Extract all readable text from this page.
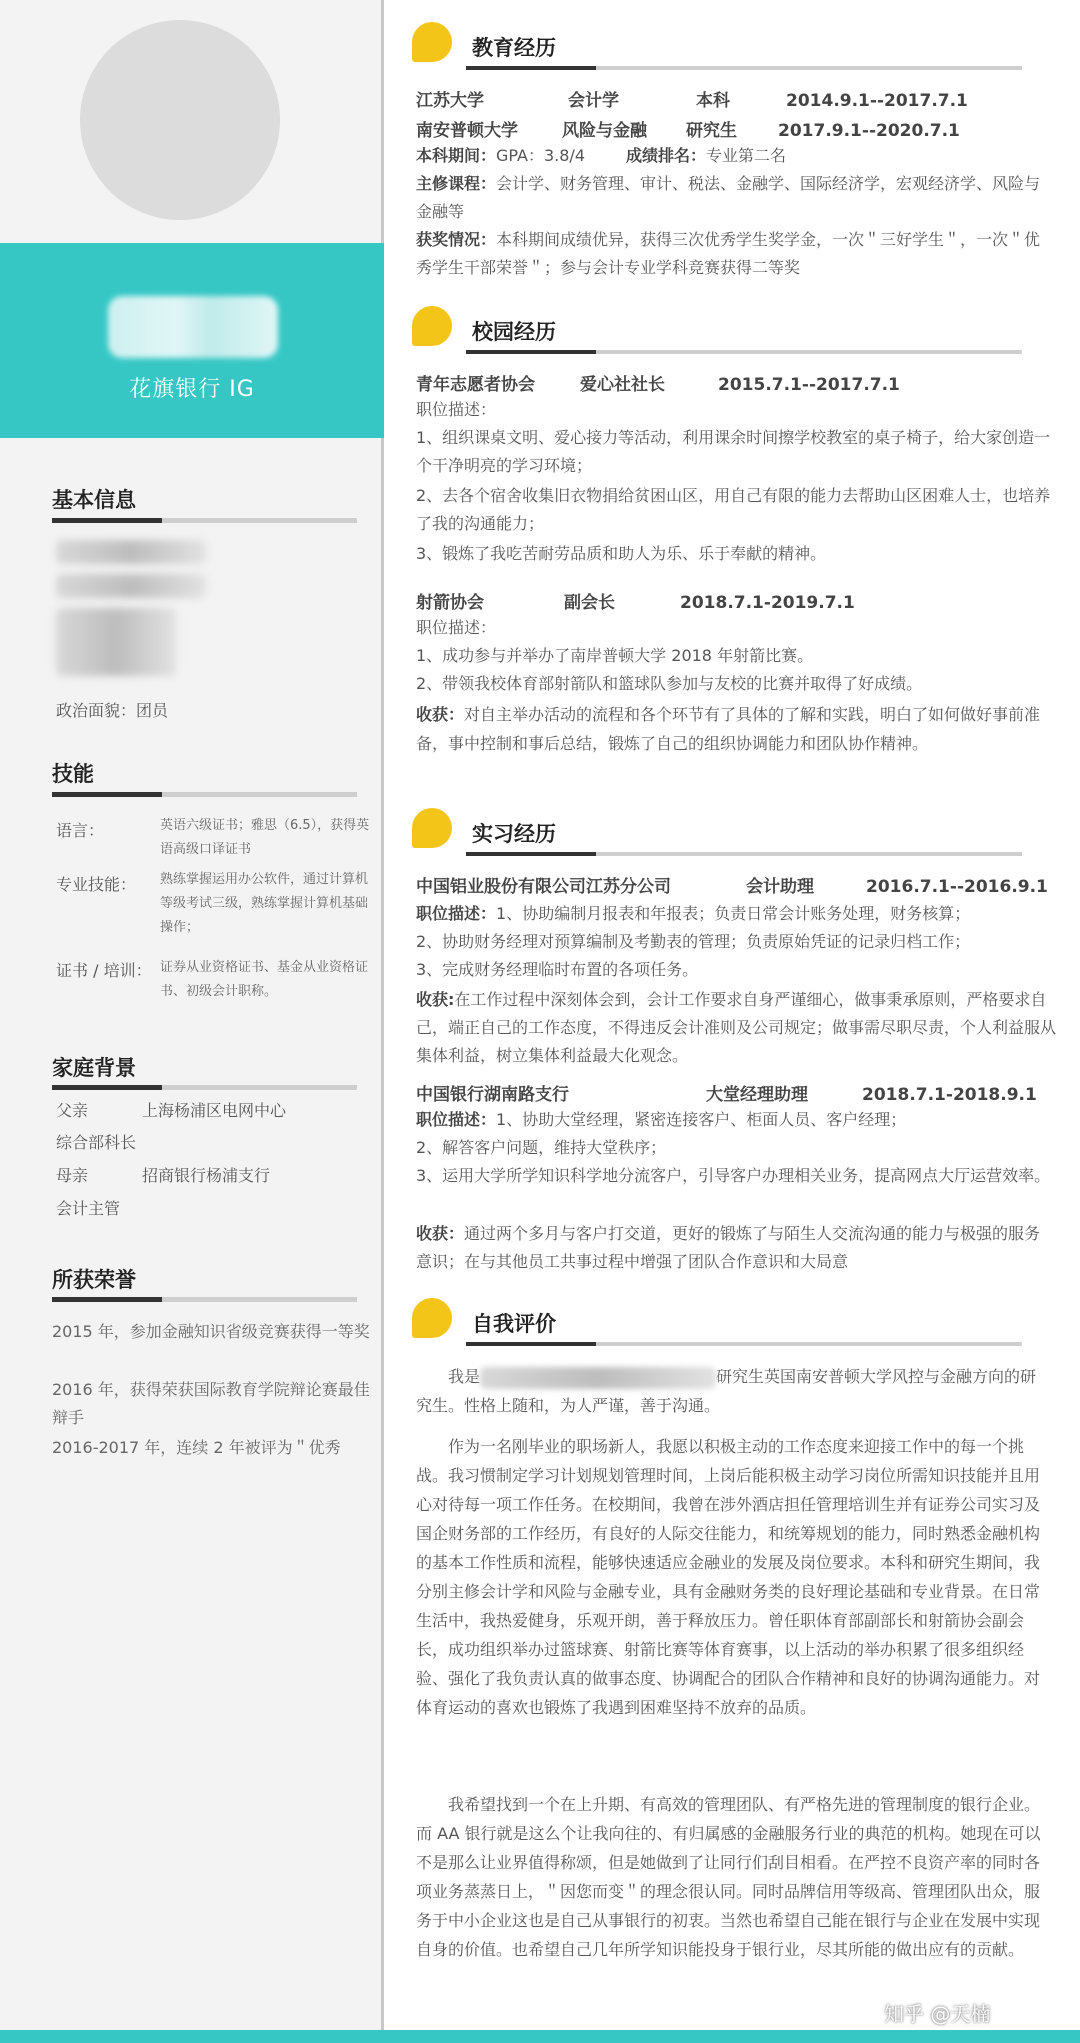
花旗银行 IG
基本信息
政治面貌：团员
技能
语言：	英语六级证书；雅思（6.5），获得英语高级口译证书
专业技能： 熟练掌握运用办公软件，通过计算机等级考试三级，熟练掌握计算机基础操作；
证书 / 培训： 证券从业资格证书、基金从业资格证书、初级会计职称。
家庭背景
父亲	上海杨浦区电网中心
综合部科长
母亲	招商银行杨浦支行
会计主管
所获荣誉
2015 年，参加金融知识省级竞赛获得一等奖
2016 年，获得荣获国际教育学院辩论赛最佳辩手
2016-2017 年，连续 2 年被评为＂优秀
教育经历
江苏大学	会计学	本科	2014.9.1--2017.7.1
南安普顿大学	风险与金融 研究生 2017.9.1--2020.7.1
本科期间：GPA：3.8/4	成绩排名：专业第二名
主修课程：会计学、财务管理、审计、税法、金融学、国际经济学，宏观经济学、风险与金融等
获奖情况：本科期间成绩优异，获得三次优秀学生奖学金，一次＂三好学生＂，一次＂优秀学生干部荣誉＂；参与会计专业学科竞赛获得二等奖
校园经历
青年志愿者协会	爱心社社长	2015.7.1--2017.7.1
职位描述：
1、组织课桌文明、爱心接力等活动，利用课余时间擦学校教室的桌子椅子，给大家创造一个干净明亮的学习环境；
2、去各个宿舍收集旧衣物捐给贫困山区，用自己有限的能力去帮助山区困难人士，也培养了我的沟通能力；
3、锻炼了我吃苦耐劳品质和助人为乐、乐于奉献的精神。
射箭协会	副会长	2018.7.1-2019.7.1
职位描述：
1、成功参与并举办了南岸普顿大学 2018 年射箭比赛。
2、带领我校体育部射箭队和篮球队参加与友校的比赛并取得了好成绩。
收获：对自主举办活动的流程和各个环节有了具体的了解和实践，明白了如何做好事前准备，事中控制和事后总结，锻炼了自己的组织协调能力和团队协作精神。
实习经历
中国铝业股份有限公司江苏分公司	会计助理	2016.7.1--2016.9.1
职位描述：1、协助编制月报表和年报表；负责日常会计账务处理，财务核算；
2、协助财务经理对预算编制及考勤表的管理；负责原始凭证的记录归档工作；
3、完成财务经理临时布置的各项任务。
收获:在工作过程中深刻体会到，会计工作要求自身严谨细心，做事秉承原则，严格要求自己，端正自己的工作态度，不得违反会计准则及公司规定；做事需尽职尽责，个人利益服从集体利益，树立集体利益最大化观念。
中国银行湖南路支行	大堂经理助理	2018.7.1-2018.9.1
职位描述：1、协助大堂经理，紧密连接客户、柜面人员、客户经理；
2、解答客户问题，维持大堂秩序；
3、运用大学所学知识科学地分流客户，引导客户办理相关业务，提高网点大厅运营效率。
收获：通过两个多月与客户打交道，更好的锻炼了与陌生人交流沟通的能力与极强的服务意识；在与其他员工共事过程中增强了团队合作意识和大局意
自我评价
我是	研究生英国南安普顿大学风控与金融方向的研究生。性格上随和，为人严谨，善于沟通。
作为一名刚毕业的职场新人，我愿以积极主动的工作态度来迎接工作中的每一个挑战。我习惯制定学习计划规划管理时间，上岗后能积极主动学习岗位所需知识技能并且用心对待每一项工作任务。在校期间，我曾在涉外酒店担任管理培训生并有证券公司实习及国企财务部的工作经历，有良好的人际交往能力，和统筹规划的能力，同时熟悉金融机构的基本工作性质和流程，能够快速适应金融业的发展及岗位要求。本科和研究生期间，我分别主修会计学和风险与金融专业，具有金融财务类的良好理论基础和专业背景。在日常生活中，我热爱健身，乐观开朗，善于释放压力。曾任职体育部副部长和射箭协会副会长，成功组织举办过篮球赛、射箭比赛等体育赛事，以上活动的举办积累了很多组织经验、强化了我负责认真的做事态度、协调配合的团队合作精神和良好的协调沟通能力。对体育运动的喜欢也锻炼了我遇到困难坚持不放弃的品质。
我希望找到一个在上升期、有高效的管理团队、有严格先进的管理制度的银行企业。而 AA 银行就是这么个让我向往的、有归属感的金融服务行业的典范的机构。她现在可以不是那么让业界值得称颂，但是她做到了让同行们刮目相看。在严控不良资产率的同时各项业务蒸蒸日上，＂因您而变＂的理念很认同。同时品牌信用等级高、管理团队出众，服务于中小企业这也是自己从事银行的初衷。当然也希望自己能在银行与企业在发展中实现自身的价值。也希望自己几年所学知识能投身于银行业，尽其所能的做出应有的贡献。
知乎 @天楠
